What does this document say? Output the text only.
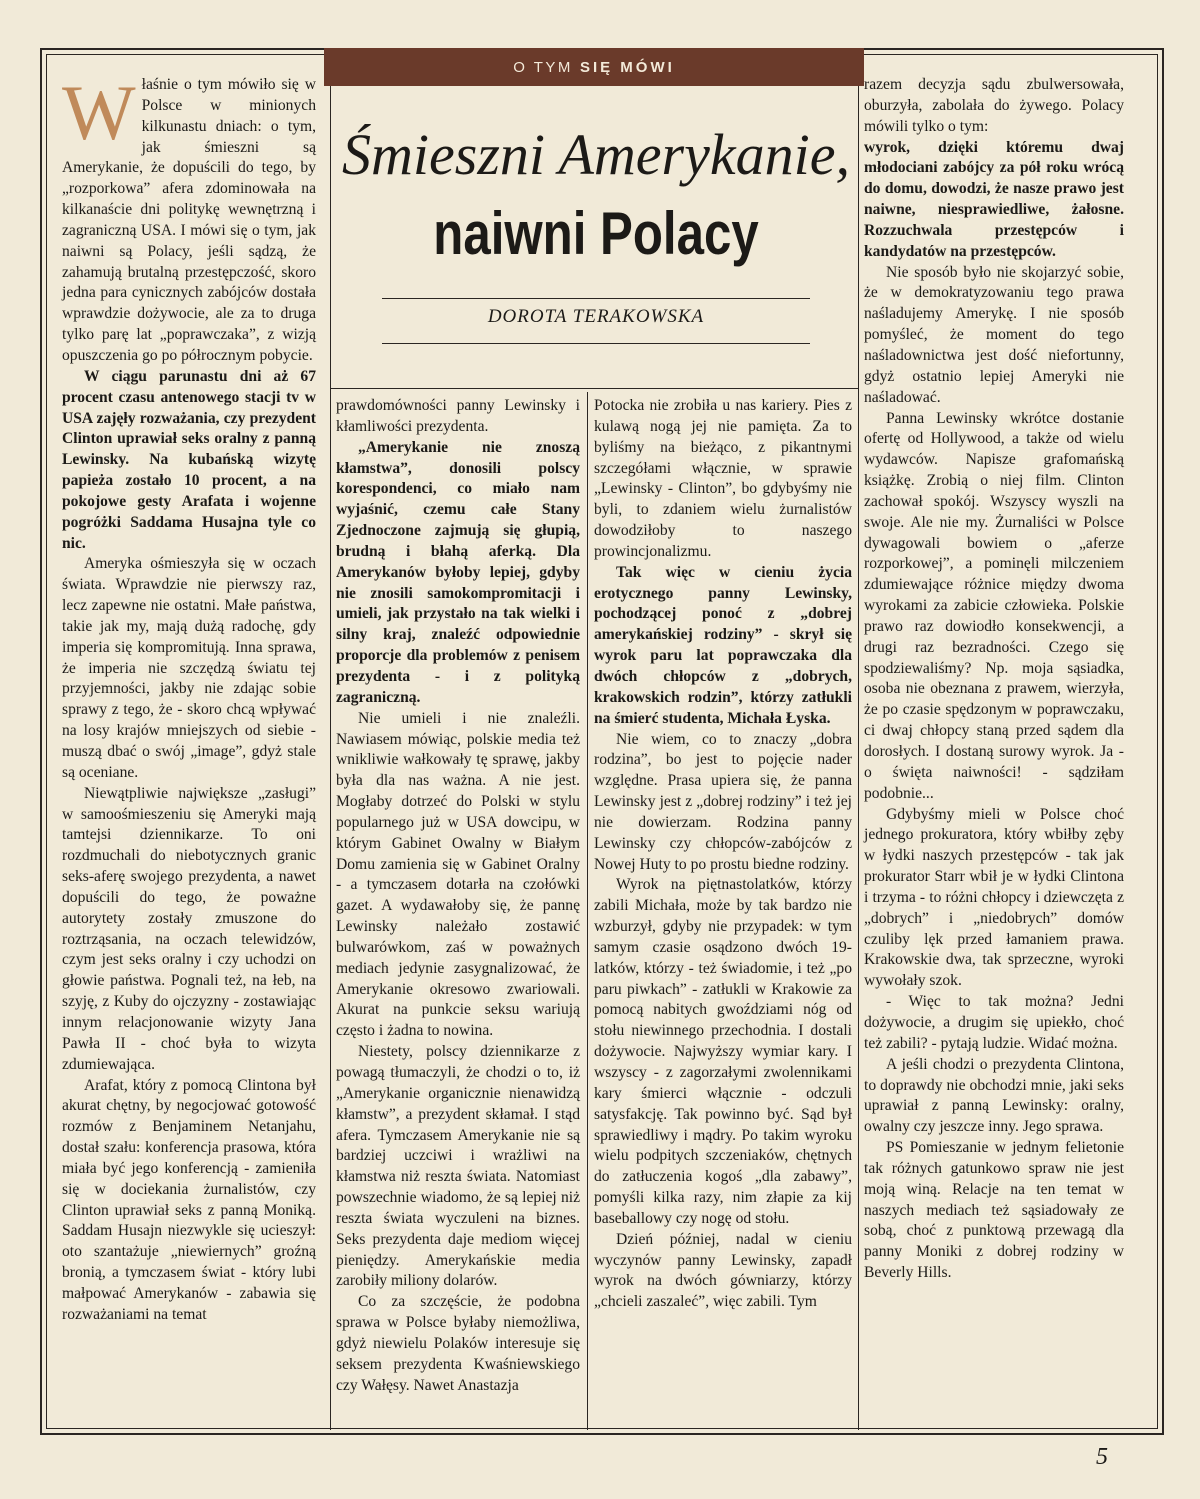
O TYM SIĘ MÓWI
Śmieszni Amerykanie,
naiwni Polacy
DOROTA TERAKOWSKA

Właśnie o tym mówiło się w Polsce w minionych kilkunastu dniach: o tym, jak śmieszni są Amerykanie, że dopuścili do tego, by „rozporkowa” afera zdominowała na kilkanaście dni politykę wewnętrzną i zagraniczną USA. I mówi się o tym, jak naiwni są Polacy, jeśli sądzą, że zahamują brutalną przestępczość, skoro jedna para cynicznych zabójców dostała wprawdzie dożywocie, ale za to druga tylko parę lat „poprawczaka”, z wizją opuszczenia go po półrocznym pobycie.

W ciągu parunastu dni aż 67 procent czasu antenowego stacji tv w USA zajęły rozważania, czy prezydent Clinton uprawiał seks oralny z panną Lewinsky. Na kubańską wizytę papieża zostało 10 procent, a na pokojowe gesty Arafata i wojenne pogróżki Saddama Husajna tyle co nic.

Ameryka ośmieszyła się w oczach świata. Wprawdzie nie pierwszy raz, lecz zapewne nie ostatni. Małe państwa, takie jak my, mają dużą radochę, gdy imperia się kompromitują. Inna sprawa, że imperia nie szczędzą światu tej przyjemności, jakby nie zdając sobie sprawy z tego, że - skoro chcą wpływać na losy krajów mniejszych od siebie - muszą dbać o swój „image”, gdyż stale są oceniane.

Niewątpliwie największe „zasługi” w samoośmieszeniu się Ameryki mają tamtejsi dziennikarze. To oni rozdmuchali do niebotycznych granic seks-aferę swojego prezydenta, a nawet dopuścili do tego, że poważne autorytety zostały zmuszone do roztrząsania, na oczach telewidzów, czym jest seks oralny i czy uchodzi on głowie państwa. Pognali też, na łeb, na szyję, z Kuby do ojczyzny - zostawiając innym relacjonowanie wizyty Jana Pawła II - choć była to wizyta zdumiewająca.

Arafat, który z pomocą Clintona był akurat chętny, by negocjować gotowość rozmów z Benjaminem Netanjahu, dostał szału: konferencja prasowa, która miała być jego konferencją - zamieniła się w dociekania żurnalistów, czy Clinton uprawiał seks z panną Moniką. Saddam Husajn niezwykle się ucieszył: oto szantażuje „niewiernych” groźną bronią, a tymczasem świat - który lubi małpować Amerykanów - zabawia się rozważaniami na temat

prawdomówności panny Lewinsky i kłamliwości prezydenta.

„Amerykanie nie znoszą kłamstwa”, donosili polscy korespondenci, co miało nam wyjaśnić, czemu całe Stany Zjednoczone zajmują się głupią, brudną i błahą aferką. Dla Amerykanów byłoby lepiej, gdyby nie znosili samokompromitacji i umieli, jak przystało na tak wielki i silny kraj, znaleźć odpowiednie proporcje dla problemów z penisem prezydenta - i z polityką zagraniczną.

Nie umieli i nie znaleźli. Nawiasem mówiąc, polskie media też wnikliwie wałkowały tę sprawę, jakby była dla nas ważna. A nie jest. Mogłaby dotrzeć do Polski w stylu popularnego już w USA dowcipu, w którym Gabinet Owalny w Białym Domu zamienia się w Gabinet Oralny - a tymczasem dotarła na czołówki gazet. A wydawałoby się, że pannę Lewinsky należało zostawić bulwarówkom, zaś w poważnych mediach jedynie zasygnalizować, że Amerykanie okresowo zwariowali. Akurat na punkcie seksu wariują często i żadna to nowina.

Niestety, polscy dziennikarze z powagą tłumaczyli, że chodzi o to, iż „Amerykanie organicznie nienawidzą kłamstw”, a prezydent skłamał. I stąd afera. Tymczasem Amerykanie nie są bardziej uczciwi i wrażliwi na kłamstwa niż reszta świata. Natomiast powszechnie wiadomo, że są lepiej niż reszta świata wyczuleni na biznes. Seks prezydenta daje mediom więcej pieniędzy. Amerykańskie media zarobiły miliony dolarów.

Co za szczęście, że podobna sprawa w Polsce byłaby niemożliwa, gdyż niewielu Polaków interesuje się seksem prezydenta Kwaśniewskiego czy Wałęsy. Nawet Anastazja

Potocka nie zrobiła u nas kariery. Pies z kulawą nogą jej nie pamięta. Za to byliśmy na bieżąco, z pikantnymi szczegółami włącznie, w sprawie „Lewinsky - Clinton”, bo gdybyśmy nie byli, to zdaniem wielu żurnalistów dowodziłoby to naszego prowincjonalizmu.

Tak więc w cieniu życia erotycznego panny Lewinsky, pochodzącej ponoć z „dobrej amerykańskiej rodziny” - skrył się wyrok paru lat poprawczaka dla dwóch chłopców z „dobrych, krakowskich rodzin”, którzy zatłukli na śmierć studenta, Michała Łyska.

Nie wiem, co to znaczy „dobra rodzina”, bo jest to pojęcie nader względne. Prasa upiera się, że panna Lewinsky jest z „dobrej rodziny” i też jej nie dowierzam. Rodzina panny Lewinsky czy chłopców-zabójców z Nowej Huty to po prostu biedne rodziny.

Wyrok na piętnastolatków, którzy zabili Michała, może by tak bardzo nie wzburzył, gdyby nie przypadek: w tym samym czasie osądzono dwóch 19-latków, którzy - też świadomie, i też „po paru piwkach” - zatłukli w Krakowie za pomocą nabitych gwoździami nóg od stołu niewinnego przechodnia. I dostali dożywocie. Najwyższy wymiar kary. I wszyscy - z zagorzałymi zwolennikami kary śmierci włącznie - odczuli satysfakcję. Tak powinno być. Sąd był sprawiedliwy i mądry. Po takim wyroku wielu podpitych szczeniaków, chętnych do zatłuczenia kogoś „dla zabawy”, pomyśli kilka razy, nim złapie za kij baseballowy czy nogę od stołu.

Dzień później, nadal w cieniu wyczynów panny Lewinsky, zapadł wyrok na dwóch gówniarzy, którzy „chcieli zaszaleć”, więc zabili. Tym

razem decyzja sądu zbulwersowała, oburzyła, zabolała do żywego. Polacy mówili tylko o tym:

wyrok, dzięki któremu dwaj młodociani zabójcy za pół roku wrócą do domu, dowodzi, że nasze prawo jest naiwne, niesprawiedliwe, żałosne. Rozzuchwala przestępców i kandydatów na przestępców.

Nie sposób było nie skojarzyć sobie, że w demokratyzowaniu tego prawa naśladujemy Amerykę. I nie sposób pomyśleć, że moment do tego naśladownictwa jest dość niefortunny, gdyż ostatnio lepiej Ameryki nie naśladować.

Panna Lewinsky wkrótce dostanie ofertę od Hollywood, a także od wielu wydawców. Napisze grafomańską książkę. Zrobią o niej film. Clinton zachował spokój. Wszyscy wyszli na swoje. Ale nie my. Żurnaliści w Polsce dywagowali bowiem o „aferze rozporkowej”, a pominęli milczeniem zdumiewające różnice między dwoma wyrokami za zabicie człowieka. Polskie prawo raz dowiodło konsekwencji, a drugi raz bezradności. Czego się spodziewaliśmy? Np. moja sąsiadka, osoba nie obeznana z prawem, wierzyła, że po czasie spędzonym w poprawczaku, ci dwaj chłopcy staną przed sądem dla dorosłych. I dostaną surowy wyrok. Ja - o święta naiwności! - sądziłam podobnie...

Gdybyśmy mieli w Polsce choć jednego prokuratora, który wbiłby zęby w łydki naszych przestępców - tak jak prokurator Starr wbił je w łydki Clintona i trzyma - to różni chłopcy i dziewczęta z „dobrych” i „niedobrych” domów czuliby lęk przed łamaniem prawa. Krakowskie dwa, tak sprzeczne, wyroki wywołały szok.

- Więc to tak można? Jedni dożywocie, a drugim się upiekło, choć też zabili? - pytają ludzie. Widać można.

A jeśli chodzi o prezydenta Clintona, to doprawdy nie obchodzi mnie, jaki seks uprawiał z panną Lewinsky: oralny, owalny czy jeszcze inny. Jego sprawa.

PS Pomieszanie w jednym felietonie tak różnych gatunkowo spraw nie jest moją winą. Relacje na ten temat w naszych mediach też sąsiadowały ze sobą, choć z punktową przewagą dla panny Moniki z dobrej rodziny w Beverly Hills.

5
